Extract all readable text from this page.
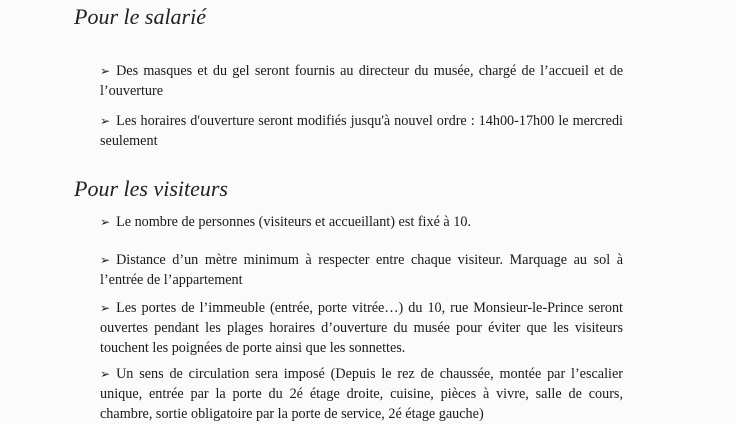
Pour le salarié
➢ Des masques et du gel seront fournis au directeur du musée, chargé de l’accueil et de l’ouverture
➢ Les horaires d'ouverture seront modifiés jusqu'à nouvel ordre : 14h00-17h00 le mercredi seulement
Pour les visiteurs
➢ Le nombre de personnes (visiteurs et accueillant) est fixé à 10.
➢ Distance d’un mètre minimum à respecter entre chaque visiteur. Marquage au sol à l’entrée de l’appartement
➢ Les portes de l’immeuble (entrée, porte vitrée…) du 10, rue Monsieur-le-Prince seront ouvertes pendant les plages horaires d’ouverture du musée pour éviter que les visiteurs touchent les poignées de porte ainsi que les sonnettes.
➢ Un sens de circulation sera imposé (Depuis le rez de chaussée, montée par l’escalier unique, entrée par la porte du 2é étage droite, cuisine, pièces à vivre, salle de cours, chambre, sortie obligatoire par la porte de service, 2é étage gauche)
